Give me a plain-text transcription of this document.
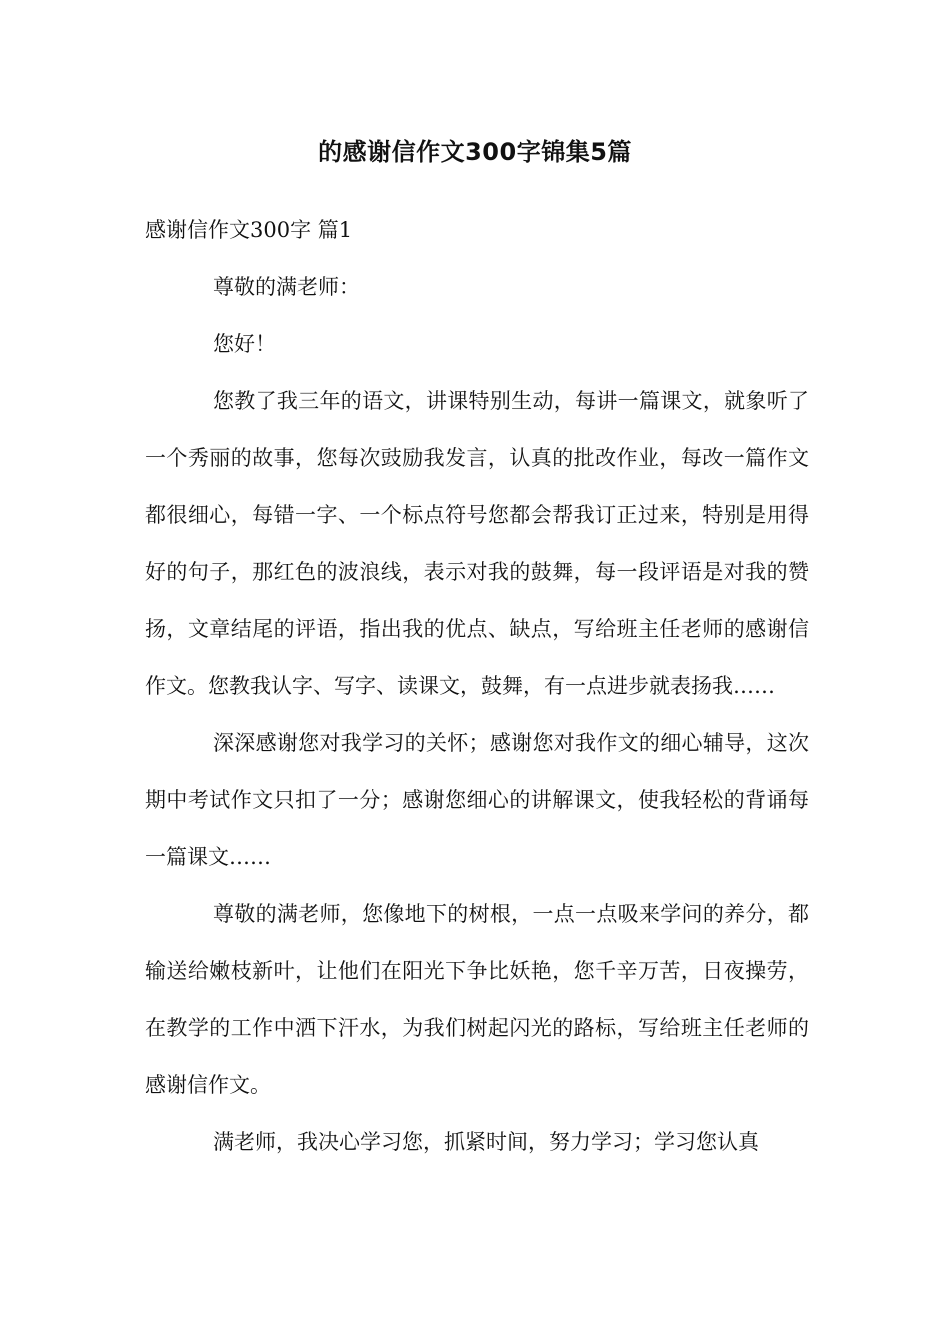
的感谢信作文300字锦集5篇

感谢信作文300字 篇1

尊敬的满老师：

您好！

您教了我三年的语文，讲课特别生动，每讲一篇课文，就象听了一个秀丽的故事，您每次豉励我发言，认真的批改作业，每改一篇作文都很细心，每错一字、一个标点符号您都会帮我订正过来，特别是用得好的句子，那红色的波浪线，表示对我的鼓舞，每一段评语是对我的赞扬，文章结尾的评语，指出我的优点、缺点，写给班主任老师的感谢信作文。您教我认字、写字、读课文，鼓舞，有一点进步就表扬我……

深深感谢您对我学习的关怀；感谢您对我作文的细心辅导，这次期中考试作文只扣了一分；感谢您细心的讲解课文，使我轻松的背诵每一篇课文……

尊敬的满老师，您像地下的树根，一点一点吸来学问的养分，都输送给嫩枝新叶，让他们在阳光下争比妖艳，您千辛万苦，日夜操劳，在教学的工作中洒下汗水，为我们树起闪光的路标，写给班主任老师的感谢信作文。

满老师，我决心学习您，抓紧时间，努力学习；学习您认真
